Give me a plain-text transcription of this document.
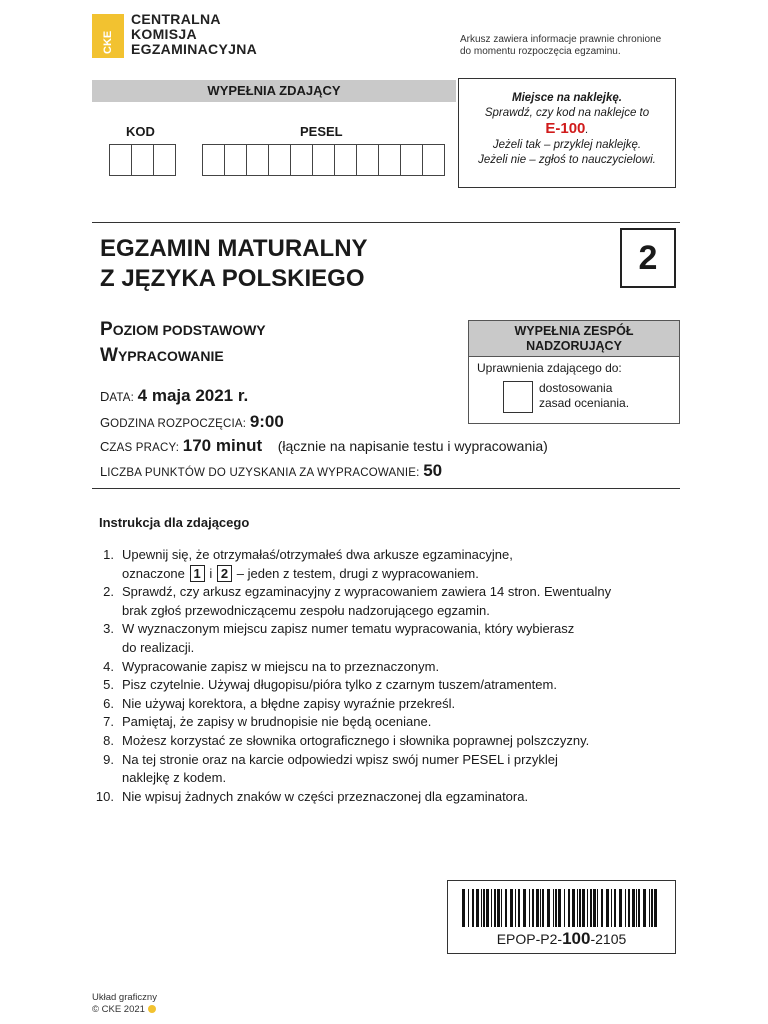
CKE
CENTRALNA
KOMISJA
EGZAMINACYJNA
Arkusz zawiera informacje prawnie chronione
do momentu rozpoczęcia egzaminu.
WYPEŁNIA ZDAJĄCY
KOD	PESEL
Miejsce na naklejkę.
Sprawdź, czy kod na naklejce to
E-100.
Jeżeli tak – przyklej naklejkę.
Jeżeli nie – zgłoś to nauczycielowi.
EGZAMIN MATURALNY
Z JĘZYKA POLSKIEGO
2
POZIOM PODSTAWOWY
WYPRACOWANIE
WYPEŁNIA ZESPÓŁ
NADZORUJĄCY
Uprawnienia zdającego do:
dostosowania
zasad oceniania.
DATA: 4 maja 2021 r.
GODZINA ROZPOCZĘCIA: 9:00
CZAS PRACY: 170 minut (łącznie na napisanie testu i wypracowania)
LICZBA PUNKTÓW DO UZYSKANIA ZA WYPRACOWANIE: 50
Instrukcja dla zdającego
1. Upewnij się, że otrzymałaś/otrzymałeś dwa arkusze egzaminacyjne,
oznaczone 1 i 2 – jeden z testem, drugi z wypracowaniem.
2. Sprawdź, czy arkusz egzaminacyjny z wypracowaniem zawiera 14 stron. Ewentualny
brak zgłoś przewodniczącemu zespołu nadzorującego egzamin.
3. W wyznaczonym miejscu zapisz numer tematu wypracowania, który wybierasz
do realizacji.
4. Wypracowanie zapisz w miejscu na to przeznaczonym.
5. Pisz czytelnie. Używaj długopisu/pióra tylko z czarnym tuszem/atramentem.
6. Nie używaj korektora, a błędne zapisy wyraźnie przekreśl.
7. Pamiętaj, że zapisy w brudnopisie nie będą oceniane.
8. Możesz korzystać ze słownika ortograficznego i słownika poprawnej polszczyzny.
9. Na tej stronie oraz na karcie odpowiedzi wpisz swój numer PESEL i przyklej
naklejkę z kodem.
10. Nie wpisuj żadnych znaków w części przeznaczonej dla egzaminatora.
EPOP-P2-100-2105
Układ graficzny
© CKE 2021
